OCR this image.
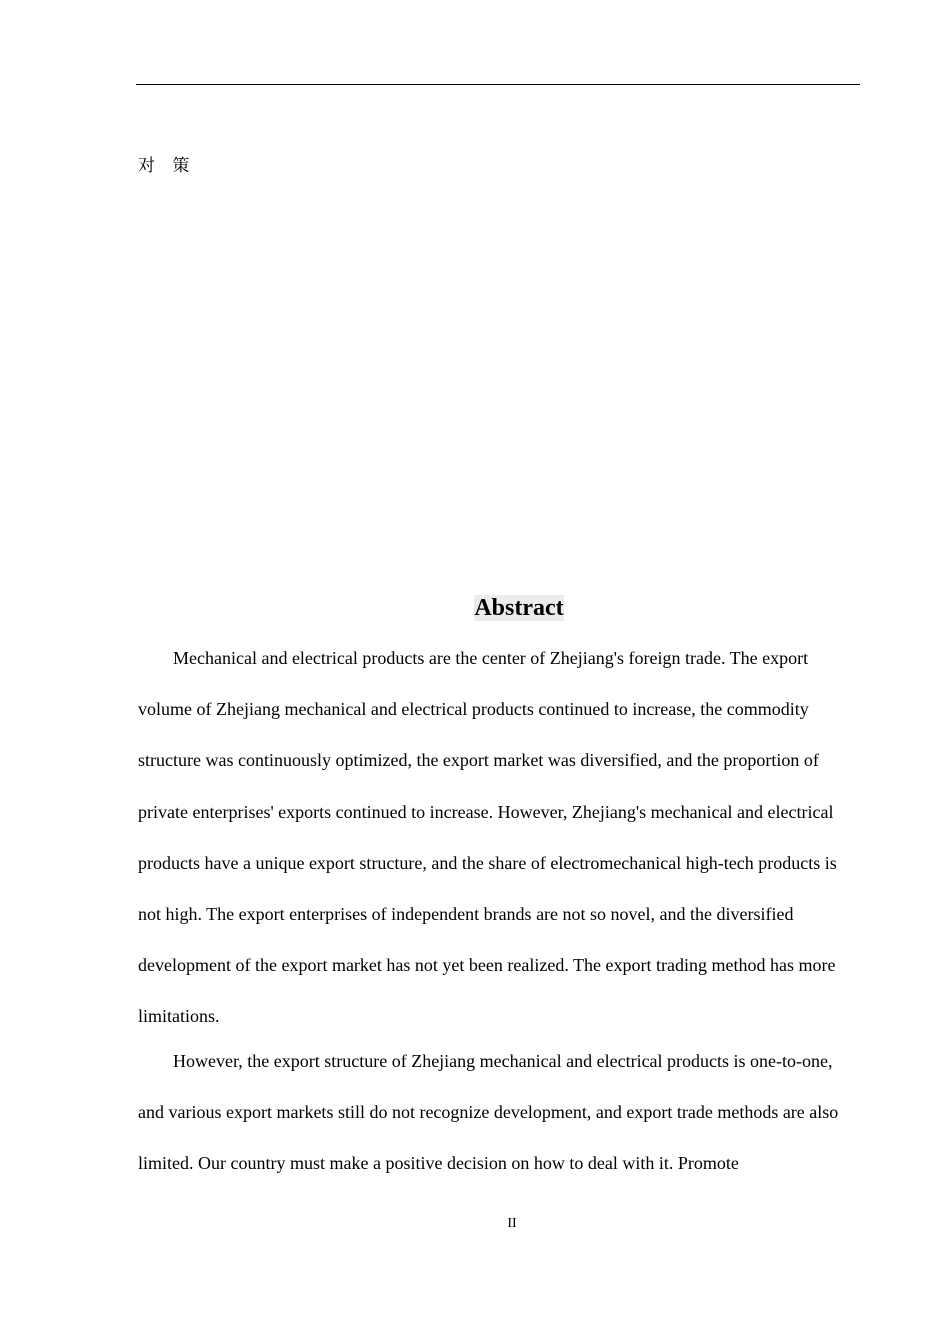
对 策
Abstract

Mechanical and electrical products are the center of Zhejiang's foreign trade. The export volume of Zhejiang mechanical and electrical products continued to increase, the commodity structure was continuously optimized, the export market was diversified, and the proportion of private enterprises' exports continued to increase. However, Zhejiang's mechanical and electrical products have a unique export structure, and the share of electromechanical high-tech products is not high. The export enterprises of independent brands are not so novel, and the diversified development of the export market has not yet been realized. The export trading method has more limitations.

However, the export structure of Zhejiang mechanical and electrical products is one-to-one, and various export markets still do not recognize development, and export trade methods are also limited. Our country must make a positive decision on how to deal with it. Promote

II
